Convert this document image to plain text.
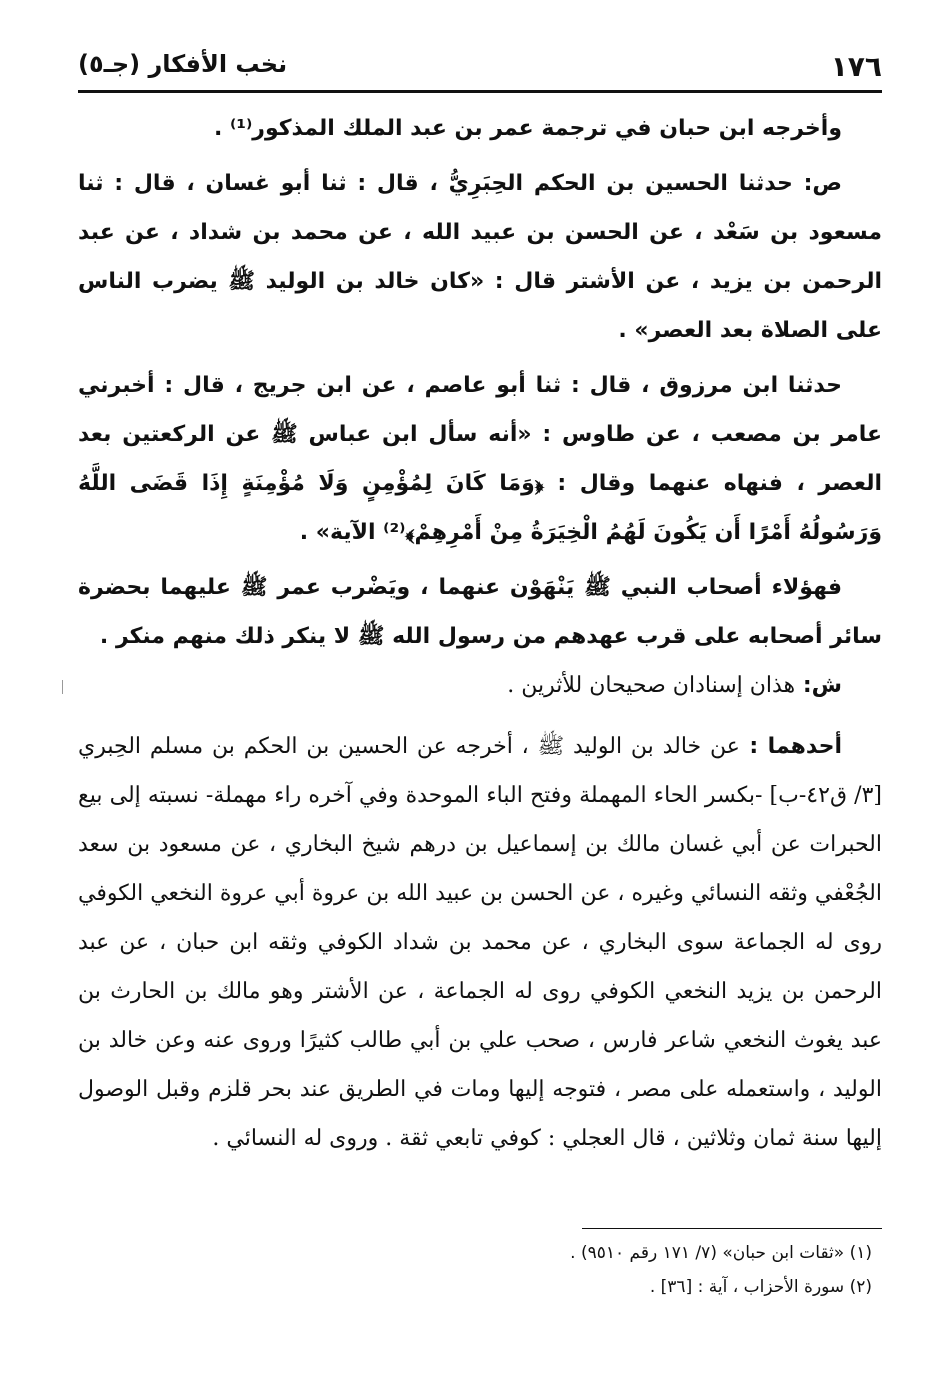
١٧٦
نخب الأفكار (جـ٥)

وأخرجه ابن حبان في ترجمة عمر بن عبد الملك المذكور⁽¹⁾ .

ص: حدثنا الحسين بن الحكم الحِبَرِيُّ ، قال : ثنا أبو غسان ، قال : ثنا مسعود بن سَعْد ، عن الحسن بن عبيد الله ، عن محمد بن شداد ، عن عبد الرحمن بن يزيد ، عن الأشتر قال : «كان خالد بن الوليد ﷺ يضرب الناس على الصلاة بعد العصر» .

حدثنا ابن مرزوق ، قال : ثنا أبو عاصم ، عن ابن جريج ، قال : أخبرني عامر بن مصعب ، عن طاوس : «أنه سأل ابن عباس ﷺ عن الركعتين بعد العصر ، فنهاه عنهما وقال : ﴿وَمَا كَانَ لِمُؤْمِنٍ وَلَا مُؤْمِنَةٍ إِذَا قَضَى اللَّهُ وَرَسُولُهُ أَمْرًا أَن يَكُونَ لَهُمُ الْخِيَرَةُ مِنْ أَمْرِهِمْ﴾⁽²⁾ الآية» .

فهؤلاء أصحاب النبي ﷺ يَنْهَوْن عنهما ، ويَضْرب عمر ﷺ عليهما بحضرة سائر أصحابه على قرب عهدهم من رسول الله ﷺ لا ينكر ذلك منهم منكر .

ش: هذان إسنادان صحيحان للأثرين .

أحدهما : عن خالد بن الوليد ﷺ ، أخرجه عن الحسين بن الحكم بن مسلم الحِبري [٣/ ق٤٢-ب] -بكسر الحاء المهملة وفتح الباء الموحدة وفي آخره راء مهملة- نسبته إلى بيع الحبرات عن أبي غسان مالك بن إسماعيل بن درهم شيخ البخاري ، عن مسعود بن سعد الجُعْفي وثقه النسائي وغيره ، عن الحسن بن عبيد الله بن عروة أبي عروة النخعي الكوفي روى له الجماعة سوى البخاري ، عن محمد بن شداد الكوفي وثقه ابن حبان ، عن عبد الرحمن بن يزيد النخعي الكوفي روى له الجماعة ، عن الأشتر وهو مالك بن الحارث بن عبد يغوث النخعي شاعر فارس ، صحب علي بن أبي طالب كثيرًا وروى عنه وعن خالد بن الوليد ، واستعمله على مصر ، فتوجه إليها ومات في الطريق عند بحر قلزم وقبل الوصول إليها سنة ثمان وثلاثين ، قال العجلي : كوفي تابعي ثقة . وروى له النسائي .

(١) «ثقات ابن حبان» (٧/ ١٧١ رقم ٩٥١٠) .

(٢) سورة الأحزاب ، آية : [٣٦] .
